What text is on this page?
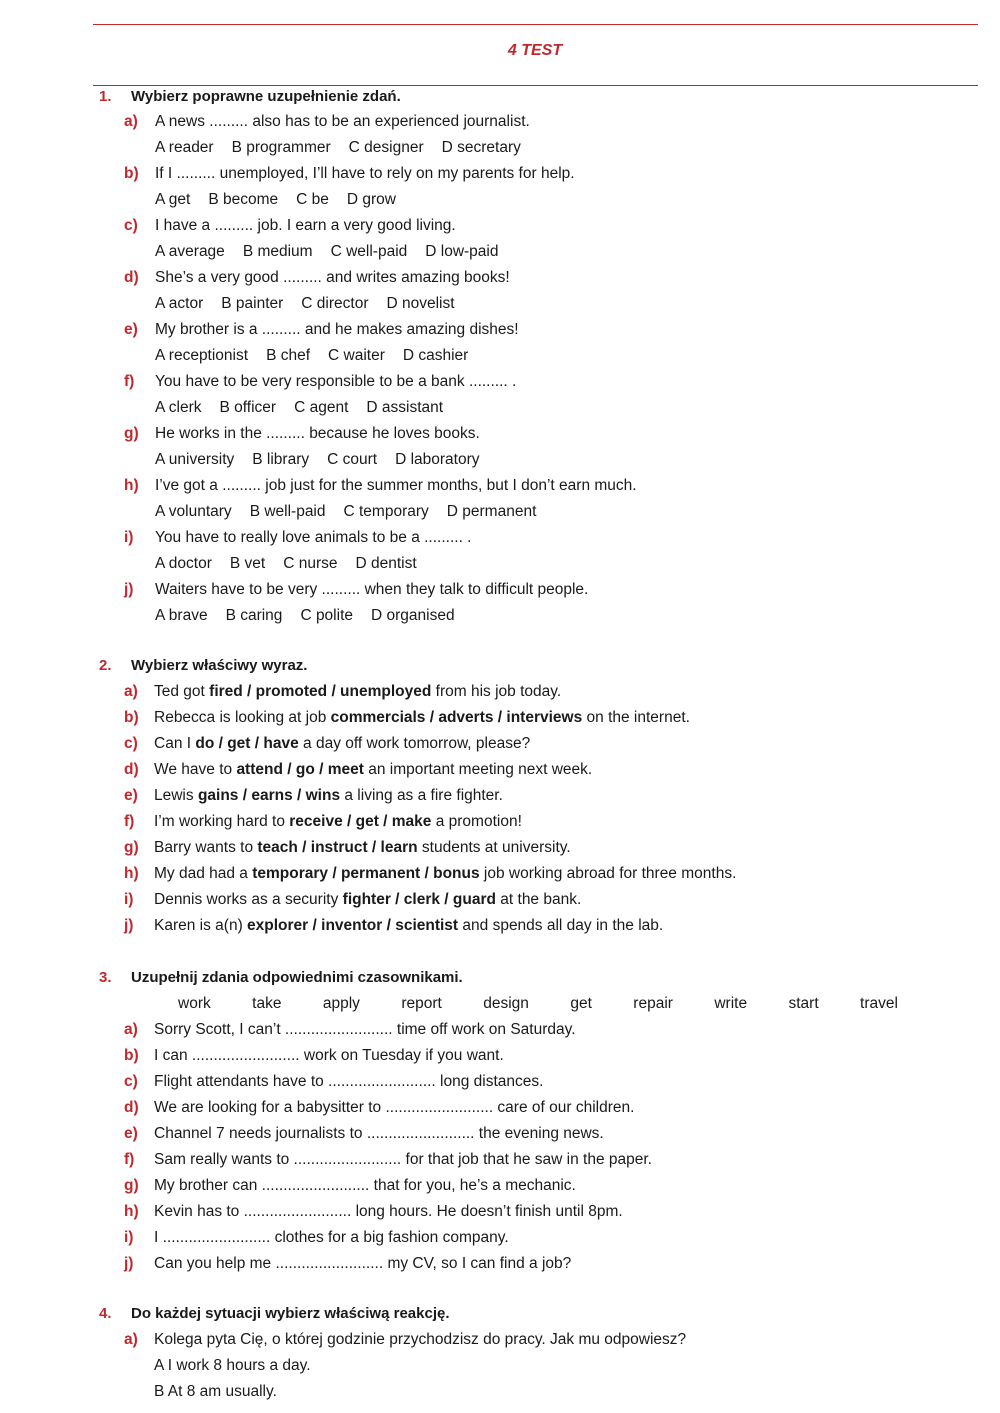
4 TEST
1. Wybierz poprawne uzupełnienie zdań.
a) A news ......... also has to be an experienced journalist.
A reader B programmer C designer D secretary
b) If I ......... unemployed, I’ll have to rely on my parents for help.
A get B become C be D grow
c) I have a ......... job. I earn a very good living.
A average B medium C well-paid D low-paid
d) She’s a very good ......... and writes amazing books!
A actor B painter C director D novelist
e) My brother is a ......... and he makes amazing dishes!
A receptionist B chef C waiter D cashier
f) You have to be very responsible to be a bank ......... .
A clerk B officer C agent D assistant
g) He works in the ......... because he loves books.
A university B library C court D laboratory
h) I’ve got a ......... job just for the summer months, but I don’t earn much.
A voluntary B well-paid C temporary D permanent
i) You have to really love animals to be a ......... .
A doctor B vet C nurse D dentist
j) Waiters have to be very ......... when they talk to difficult people.
A brave B caring C polite D organised
2. Wybierz właściwy wyraz.
a) Ted got fired / promoted / unemployed from his job today.
b) Rebecca is looking at job commercials / adverts / interviews on the internet.
c) Can I do / get / have a day off work tomorrow, please?
d) We have to attend / go / meet an important meeting next week.
e) Lewis gains / earns / wins a living as a fire fighter.
f) I’m working hard to receive / get / make a promotion!
g) Barry wants to teach / instruct / learn students at university.
h) My dad had a temporary / permanent / bonus job working abroad for three months.
i) Dennis works as a security fighter / clerk / guard at the bank.
j) Karen is a(n) explorer / inventor / scientist and spends all day in the lab.
3. Uzupełnij zdania odpowiednimi czasownikami.
work	take	apply	report	design	get	repair	write	start	travel
a) Sorry Scott, I can’t ......................... time off work on Saturday.
b) I can ......................... work on Tuesday if you want.
c) Flight attendants have to ......................... long distances.
d) We are looking for a babysitter to ......................... care of our children.
e) Channel 7 needs journalists to ......................... the evening news.
f) Sam really wants to ......................... for that job that he saw in the paper.
g) My brother can ......................... that for you, he’s a mechanic.
h) Kevin has to ......................... long hours. He doesn’t finish until 8pm.
i) I ......................... clothes for a big fashion company.
j) Can you help me ......................... my CV, so I can find a job?
4. Do każdej sytuacji wybierz właściwą reakcję.
a) Kolega pyta Cię, o której godzinie przychodzisz do pracy. Jak mu odpowiesz?
A I work 8 hours a day.
B At 8 am usually.
